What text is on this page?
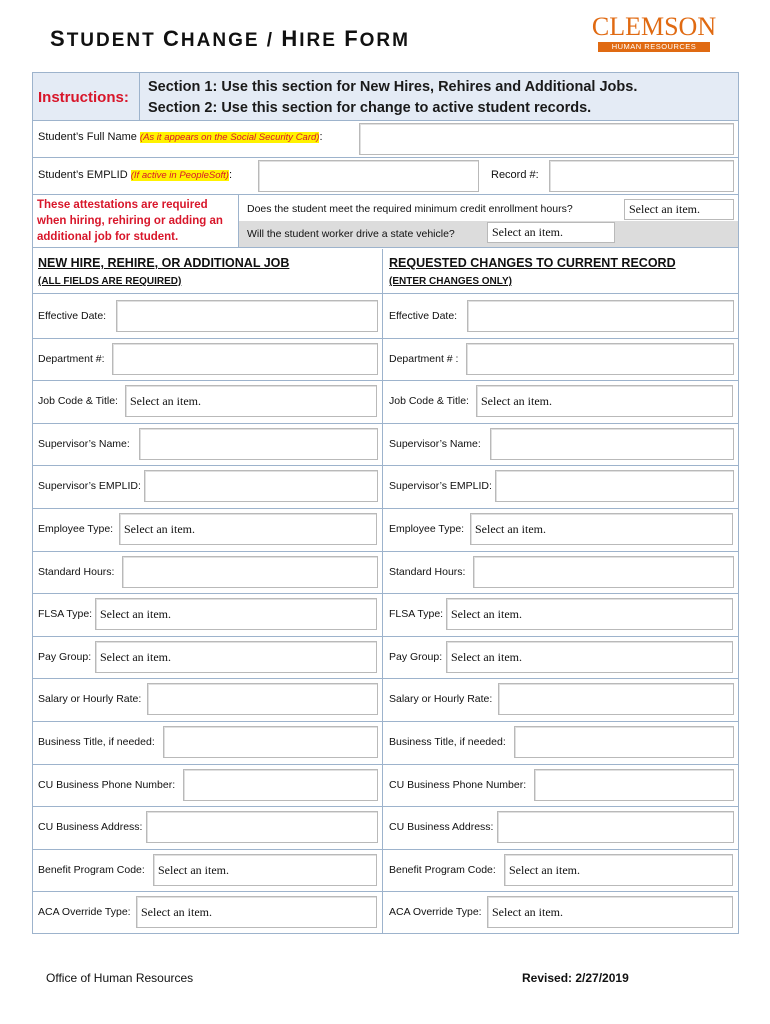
STUDENT CHANGE / HIRE FORM	CLEMSON
HUMAN RESOURCES
Instructions:
Section 1: Use this section for New Hires, Rehires and Additional Jobs.
Section 2: Use this section for change to active student records.
Student’s Full Name (As it appears on the Social Security Card):
Student’s EMPLID (If active in PeopleSoft):	Record #:
These attestations are required when hiring, rehiring or adding an additional job for student.
Does the student meet the required minimum credit enrollment hours?	Select an item.
Will the student worker drive a state vehicle?	Select an item.
NEW HIRE, REHIRE, OR ADDITIONAL JOB
(ALL FIELDS ARE REQUIRED)
REQUESTED CHANGES TO CURRENT RECORD
(ENTER CHANGES ONLY)
Effective Date:	Effective Date:
Department #:	Department # :
Job Code & Title:	Select an item.	Job Code & Title:	Select an item.
Supervisor’s Name:	Supervisor’s Name:
Supervisor’s EMPLID:	Supervisor’s EMPLID:
Employee Type: Select an item.	Employee Type: Select an item.
Standard Hours:	Standard Hours:
FLSA Type: Select an item.	FLSA Type: Select an item.
Pay Group: Select an item.	Pay Group: Select an item.
Salary or Hourly Rate:	Salary or Hourly Rate:
Business Title, if needed:	Business Title, if needed:
CU Business Phone Number:	CU Business Phone Number:
CU Business Address:	CU Business Address:
Benefit Program Code:	Select an item.	Benefit Program Code:	Select an item.
ACA Override Type: Select an item.	ACA Override Type: Select an item.
Office of Human Resources	Revised: 2/27/2019
